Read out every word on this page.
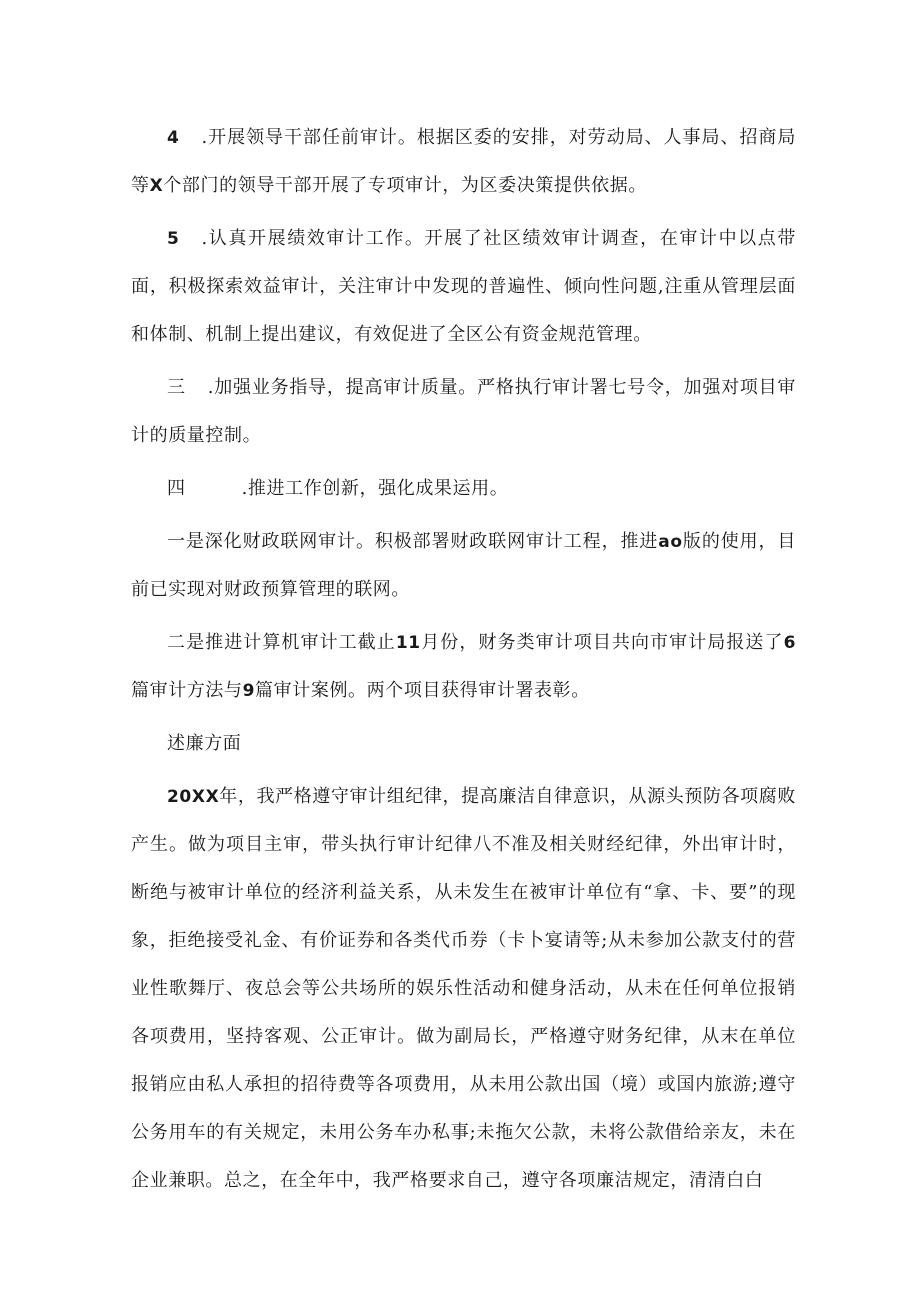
4 .开展领导干部任前审计。根据区委的安排，对劳动局、人事局、招商局等X个部门的领导干部开展了专项审计，为区委决策提供依据。

5 .认真开展绩效审计工作。开展了社区绩效审计调查，在审计中以点带面，积极探索效益审计，关注审计中发现的普遍性、倾向性问题,注重从管理层面和体制、机制上提出建议，有效促进了全区公有资金规范管理。

三 .加强业务指导，提高审计质量。严格执行审计署七号令，加强对项目审计的质量控制。

四	.推进工作创新，强化成果运用。

一是深化财政联网审计。积极部署财政联网审计工程，推进ao版的使用，目前已实现对财政预算管理的联网。

二是推进计算机审计工截止11月份，财务类审计项目共向市审计局报送了6篇审计方法与9篇审计案例。两个项目获得审计署表彰。

述廉方面

20XX年，我严格遵守审计组纪律，提高廉洁自律意识，从源头预防各项腐败产生。做为项目主审，带头执行审计纪律八不准及相关财经纪律，外出审计时，断绝与被审计单位的经济利益关系，从未发生在被审计单位有“拿、卡、要”的现象，拒绝接受礼金、有价证券和各类代币券（卡卜宴请等;从未参加公款支付的营业性歌舞厅、夜总会等公共场所的娱乐性活动和健身活动，从未在任何单位报销各项费用，坚持客观、公正审计。做为副局长，严格遵守财务纪律，从末在单位报销应由私人承担的招待费等各项费用，从未用公款出国（境）或国内旅游;遵守公务用车的有关规定，未用公务车办私事;未拖欠公款，未将公款借给亲友，未在企业兼职。总之，在全年中，我严格要求自己，遵守各项廉洁规定，清清白白
